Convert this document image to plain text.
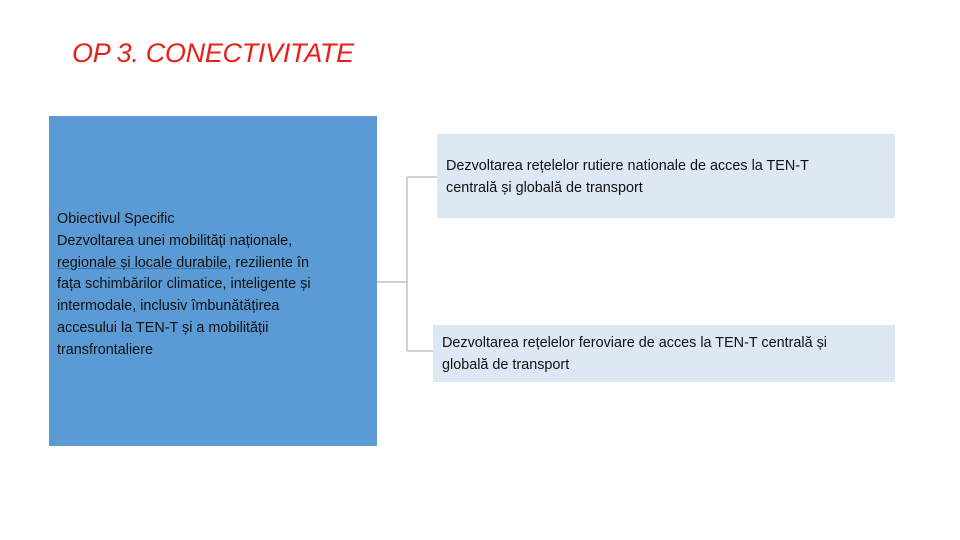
OP 3. CONECTIVITATE
Obiectivul Specific
Dezvoltarea unei mobilități naționale,
regionale și locale durabile, reziliente în
fața schimbărilor climatice, inteligente și
intermodale, inclusiv îmbunătățirea
accesului la TEN-T și a mobilității
transfrontaliere
Dezvoltarea rețelelor rutiere nationale de acces la TEN-T
centrală și globală de transport
Dezvoltarea rețelelor feroviare de acces la TEN-T centrală și
globală de transport
